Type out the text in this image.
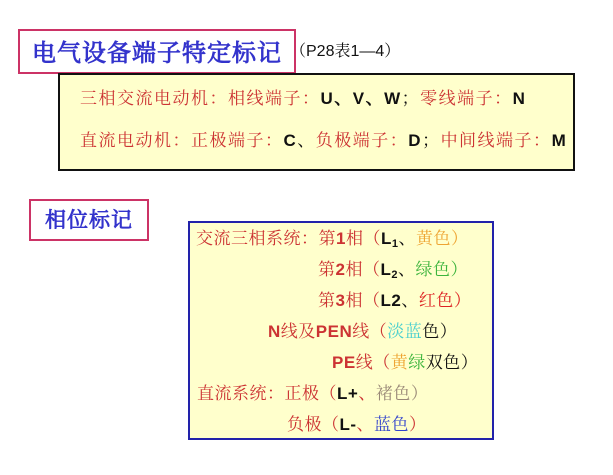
电气设备端子特定标记 （P28表1—4）
三相交流电动机：相线端子：U、V、W；零线端子：N
直流电动机：正极端子：C、负极端子：D；中间线端子：M
相位标记
交流三相系统：第1相（$L_1$、黄色）
第2相（$L_2$、绿色）
第3相（L2、红色）
N线及PEN线（淡蓝色）
PE线（黄绿双色）
直流系统：正极（L+、褚色）
负极（L-、蓝色）
